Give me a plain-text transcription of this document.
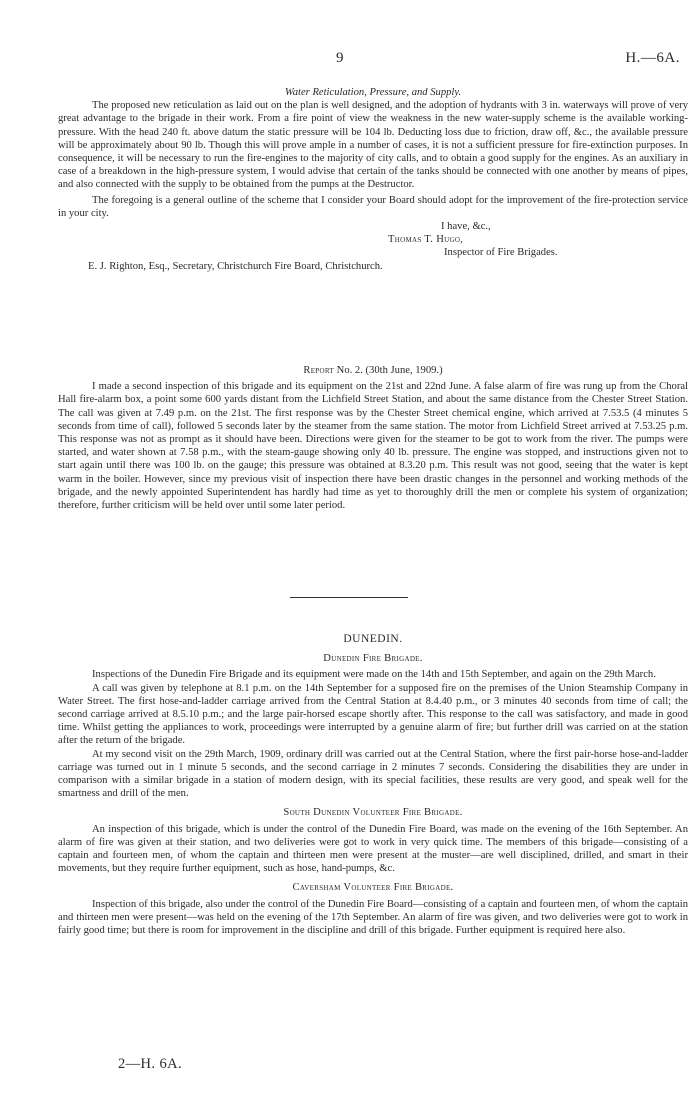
9	H.—6A.

Water Reticulation, Pressure, and Supply.

The proposed new reticulation as laid out on the plan is well designed, and the adoption of hydrants with 3 in. waterways will prove of very great advantage to the brigade in their work. From a fire point of view the weakness in the new water-supply scheme is the available working-pressure. With the head 240 ft. above datum the static pressure will be 104 lb. Deducting loss due to friction, draw off, &c., the available pressure will be approximately about 90 lb. Though this will prove ample in a number of cases, it is not a sufficient pressure for fire-extinction purposes. In consequence, it will be necessary to run the fire-engines to the majority of city calls, and to obtain a good supply for the engines. As an auxiliary in case of a breakdown in the high-pressure system, I would advise that certain of the tanks should be connected with one another by means of pipes, and also connected with the supply to be obtained from the pumps at the Destructor.

The foregoing is a general outline of the scheme that I consider your Board should adopt for the improvement of the fire-protection service in your city.

I have, &c.,

Thomas T. Hugo,

Inspector of Fire Brigades.

E. J. Righton, Esq., Secretary, Christchurch Fire Board, Christchurch.

Report No. 2. (30th June, 1909.)

I made a second inspection of this brigade and its equipment on the 21st and 22nd June. A false alarm of fire was rung up from the Choral Hall fire-alarm box, a point some 600 yards distant from the Lichfield Street Station, and about the same distance from the Chester Street Station. The call was given at 7.49 p.m. on the 21st. The first response was by the Chester Street chemical engine, which arrived at 7.53.5 (4 minutes 5 seconds from time of call), followed 5 seconds later by the steamer from the same station. The motor from Lichfield Street arrived at 7.53.25 p.m. This response was not as prompt as it should have been. Directions were given for the steamer to be got to work from the river. The pumps were started, and water shown at 7.58 p.m., with the steam-gauge showing only 40 lb. pressure. The engine was stopped, and instructions given not to start again until there was 100 lb. on the gauge; this pressure was obtained at 8.3.20 p.m. This result was not good, seeing that the water is kept warm in the boiler. However, since my previous visit of inspection there have been drastic changes in the personnel and working methods of the brigade, and the newly appointed Superintendent has hardly had time as yet to thoroughly drill the men or complete his system of organization; therefore, further criticism will be held over until some later period.

DUNEDIN.

Dunedin Fire Brigade.

Inspections of the Dunedin Fire Brigade and its equipment were made on the 14th and 15th September, and again on the 29th March.

A call was given by telephone at 8.1 p.m. on the 14th September for a supposed fire on the premises of the Union Steamship Company in Water Street. The first hose-and-ladder carriage arrived from the Central Station at 8.4.40 p.m., or 3 minutes 40 seconds from time of call; the second carriage arrived at 8.5.10 p.m.; and the large pair-horsed escape shortly after. This response to the call was satisfactory, and made in good time. Whilst getting the appliances to work, proceedings were interrupted by a genuine alarm of fire; but further drill was carried on at the station after the return of the brigade.

At my second visit on the 29th March, 1909, ordinary drill was carried out at the Central Station, where the first pair-horse hose-and-ladder carriage was turned out in 1 minute 5 seconds, and the second carriage in 2 minutes 7 seconds. Considering the disabilities they are under in comparison with a similar brigade in a station of modern design, with its special facilities, these results are very good, and speak well for the smartness and drill of the men.

South Dunedin Volunteer Fire Brigade.

An inspection of this brigade, which is under the control of the Dunedin Fire Board, was made on the evening of the 16th September. An alarm of fire was given at their station, and two deliveries were got to work in very quick time. The members of this brigade—consisting of a captain and fourteen men, of whom the captain and thirteen men were present at the muster—are well disciplined, drilled, and smart in their movements, but they require further equipment, such as hose, hand-pumps, &c.

Caversham Volunteer Fire Brigade.

Inspection of this brigade, also under the control of the Dunedin Fire Board—consisting of a captain and fourteen men, of whom the captain and thirteen men were present—was held on the evening of the 17th September. An alarm of fire was given, and two deliveries were got to work in fairly good time; but there is room for improvement in the discipline and drill of this brigade. Further equipment is required here also.

2—H. 6A.
